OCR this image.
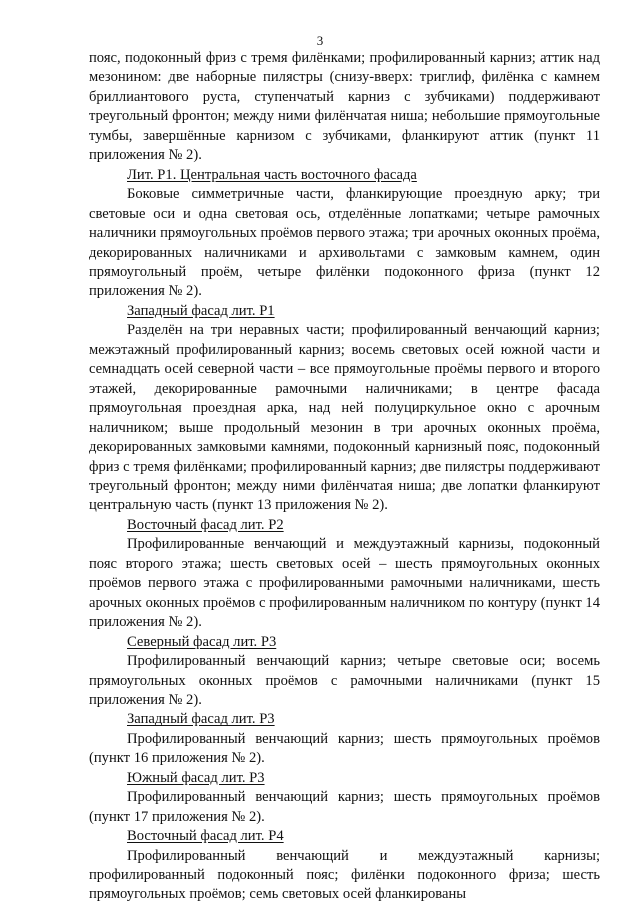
3

пояс, подоконный фриз с тремя филёнками; профилированный карниз; аттик над мезонином: две наборные пилястры (снизу-вверх: триглиф, филёнка с камнем бриллиантового руста, ступенчатый карниз с зубчиками) поддерживают треугольный фронтон; между ними филёнчатая ниша; небольшие прямоугольные тумбы, завершённые карнизом с зубчиками, фланкируют аттик (пункт 11 приложения № 2).

Лит. Р1. Центральная часть восточного фасада

Боковые симметричные части, фланкирующие проездную арку; три световые оси и одна световая ось, отделённые лопатками; четыре рамочных наличники прямоугольных проёмов первого этажа; три арочных оконных проёма, декорированных наличниками и архивольтами с замковым камнем, один прямоугольный проём, четыре филёнки подоконного фриза (пункт 12 приложения № 2).

Западный фасад лит. Р1

Разделён на три неравных части; профилированный венчающий карниз; межэтажный профилированный карниз; восемь световых осей южной части и семнадцать осей северной части – все прямоугольные проёмы первого и второго этажей, декорированные рамочными наличниками; в центре фасада прямоугольная проездная арка, над ней полуциркульное окно с арочным наличником; выше продольный мезонин в три арочных оконных проёма, декорированных замковыми камнями, подоконный карнизный пояс, подоконный фриз с тремя филёнками; профилированный карниз; две пилястры поддерживают треугольный фронтон; между ними филёнчатая ниша; две лопатки фланкируют центральную часть (пункт 13 приложения № 2).

Восточный фасад лит. Р2

Профилированные венчающий и междуэтажный карнизы, подоконный пояс второго этажа; шесть световых осей – шесть прямоугольных оконных проёмов первого этажа с профилированными рамочными наличниками, шесть арочных оконных проёмов с профилированным наличником по контуру (пункт 14 приложения № 2).

Северный фасад лит. Р3

Профилированный венчающий карниз; четыре световые оси; восемь прямоугольных оконных проёмов с рамочными наличниками (пункт 15 приложения № 2).

Западный фасад лит. Р3

Профилированный венчающий карниз; шесть прямоугольных проёмов (пункт 16 приложения № 2).

Южный фасад лит. Р3

Профилированный венчающий карниз; шесть прямоугольных проёмов (пункт 17 приложения № 2).

Восточный фасад лит. Р4

Профилированный венчающий и междуэтажный карнизы; профилированный подоконный пояс; филёнки подоконного фриза; шесть прямоугольных проёмов; семь световых осей фланкированы
